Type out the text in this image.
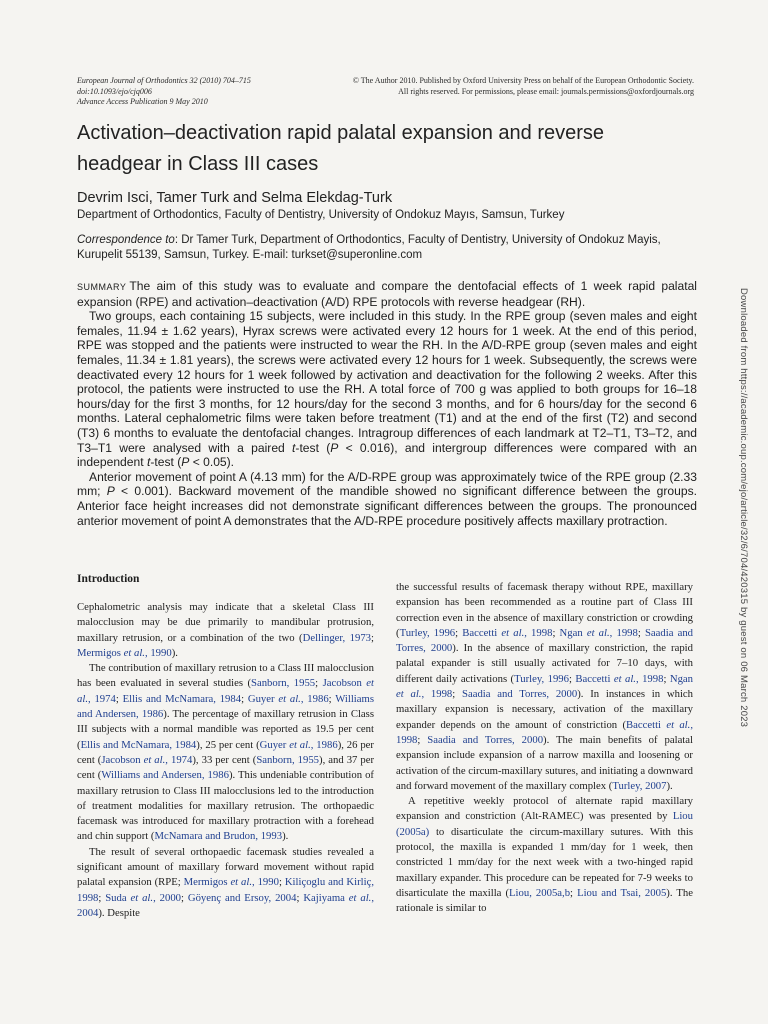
European Journal of Orthodontics 32 (2010) 704–715
doi:10.1093/ejo/cjq006
Advance Access Publication 9 May 2010
© The Author 2010. Published by Oxford University Press on behalf of the European Orthodontic Society.
All rights reserved. For permissions, please email: journals.permissions@oxfordjournals.org
Activation–deactivation rapid palatal expansion and reverse
headgear in Class III cases
Devrim Isci, Tamer Turk and Selma Elekdag-Turk
Department of Orthodontics, Faculty of Dentistry, University of Ondokuz Mayıs, Samsun, Turkey
Correspondence to: Dr Tamer Turk, Department of Orthodontics, Faculty of Dentistry, University of Ondokuz Mayis, Kurupelit 55139, Samsun, Turkey. E-mail: turkset@superonline.com

SUMMARY The aim of this study was to evaluate and compare the dentofacial effects of 1 week rapid palatal expansion (RPE) and activation–deactivation (A/D) RPE protocols with reverse headgear (RH).

Two groups, each containing 15 subjects, were included in this study. In the RPE group (seven males and eight females, 11.94 ± 1.62 years), Hyrax screws were activated every 12 hours for 1 week. At the end of this period, RPE was stopped and the patients were instructed to wear the RH. In the A/D-RPE group (seven males and eight females, 11.34 ± 1.81 years), the screws were activated every 12 hours for 1 week. Subsequently, the screws were deactivated every 12 hours for 1 week followed by activation and deactivation for the following 2 weeks. After this protocol, the patients were instructed to use the RH. A total force of 700 g was applied to both groups for 16–18 hours/day for the first 3 months, for 12 hours/day for the second 3 months, and for 6 hours/day for the second 6 months. Lateral cephalometric films were taken before treatment (T1) and at the end of the first (T2) and second (T3) 6 months to evaluate the dentofacial changes. Intragroup differences of each landmark at T2–T1, T3–T2, and T3–T1 were analysed with a paired t-test (P < 0.016), and intergroup differences were compared with an independent t-test (P < 0.05).

Anterior movement of point A (4.13 mm) for the A/D-RPE group was approximately twice of the RPE group (2.33 mm; P < 0.001). Backward movement of the mandible showed no significant difference between the groups. Anterior face height increases did not demonstrate significant differences between the groups. The pronounced anterior movement of point A demonstrates that the A/D-RPE procedure positively affects maxillary protraction.	Downloaded from https://academic.oup.com/ejo/article/32/6/704/420315 by guest on 06 March 2023
Introduction

Cephalometric analysis may indicate that a skeletal Class III malocclusion may be due primarily to mandibular protrusion, maxillary retrusion, or a combination of the two (Dellinger, 1973; Mermigos et al., 1990).

The contribution of maxillary retrusion to a Class III malocclusion has been evaluated in several studies (Sanborn, 1955; Jacobson et al., 1974; Ellis and McNamara, 1984; Guyer et al., 1986; Williams and Andersen, 1986). The percentage of maxillary retrusion in Class III subjects with a normal mandible was reported as 19.5 per cent (Ellis and McNamara, 1984), 25 per cent (Guyer et al., 1986), 26 per cent (Jacobson et al., 1974), 33 per cent (Sanborn, 1955), and 37 per cent (Williams and Andersen, 1986). This undeniable contribution of maxillary retrusion to Class III malocclusions led to the introduction of treatment modalities for maxillary retrusion. The orthopaedic facemask was introduced for maxillary protraction with a forehead and chin support (McNamara and Brudon, 1993).

The result of several orthopaedic facemask studies revealed a significant amount of maxillary forward movement without rapid palatal expansion (RPE; Mermigos et al., 1990; Kiliçoglu and Kirliç, 1998; Suda et al., 2000; Göyenç and Ersoy, 2004; Kajiyama et al., 2004). Despite

the successful results of facemask therapy without RPE, maxillary expansion has been recommended as a routine part of Class III correction even in the absence of maxillary constriction or crowding (Turley, 1996; Baccetti et al., 1998; Ngan et al., 1998; Saadia and Torres, 2000). In the absence of maxillary constriction, the rapid palatal expander is still usually activated for 7–10 days, with different daily activations (Turley, 1996; Baccetti et al., 1998; Ngan et al., 1998; Saadia and Torres, 2000). In instances in which maxillary expansion is necessary, activation of the maxillary expander depends on the amount of constriction (Baccetti et al., 1998; Saadia and Torres, 2000). The main benefits of palatal expansion include expansion of a narrow maxilla and loosening or activation of the circum-maxillary sutures, and initiating a downward and forward movement of the maxillary complex (Turley, 2007).

A repetitive weekly protocol of alternate rapid maxillary expansion and constriction (Alt-RAMEC) was presented by Liou (2005a) to disarticulate the circum-maxillary sutures. With this protocol, the maxilla is expanded 1 mm/day for 1 week, then constricted 1 mm/day for the next week with a two-hinged rapid maxillary expander. This procedure can be repeated for 7-9 weeks to disarticulate the maxilla (Liou, 2005a,b; Liou and Tsai, 2005). The rationale is similar to
